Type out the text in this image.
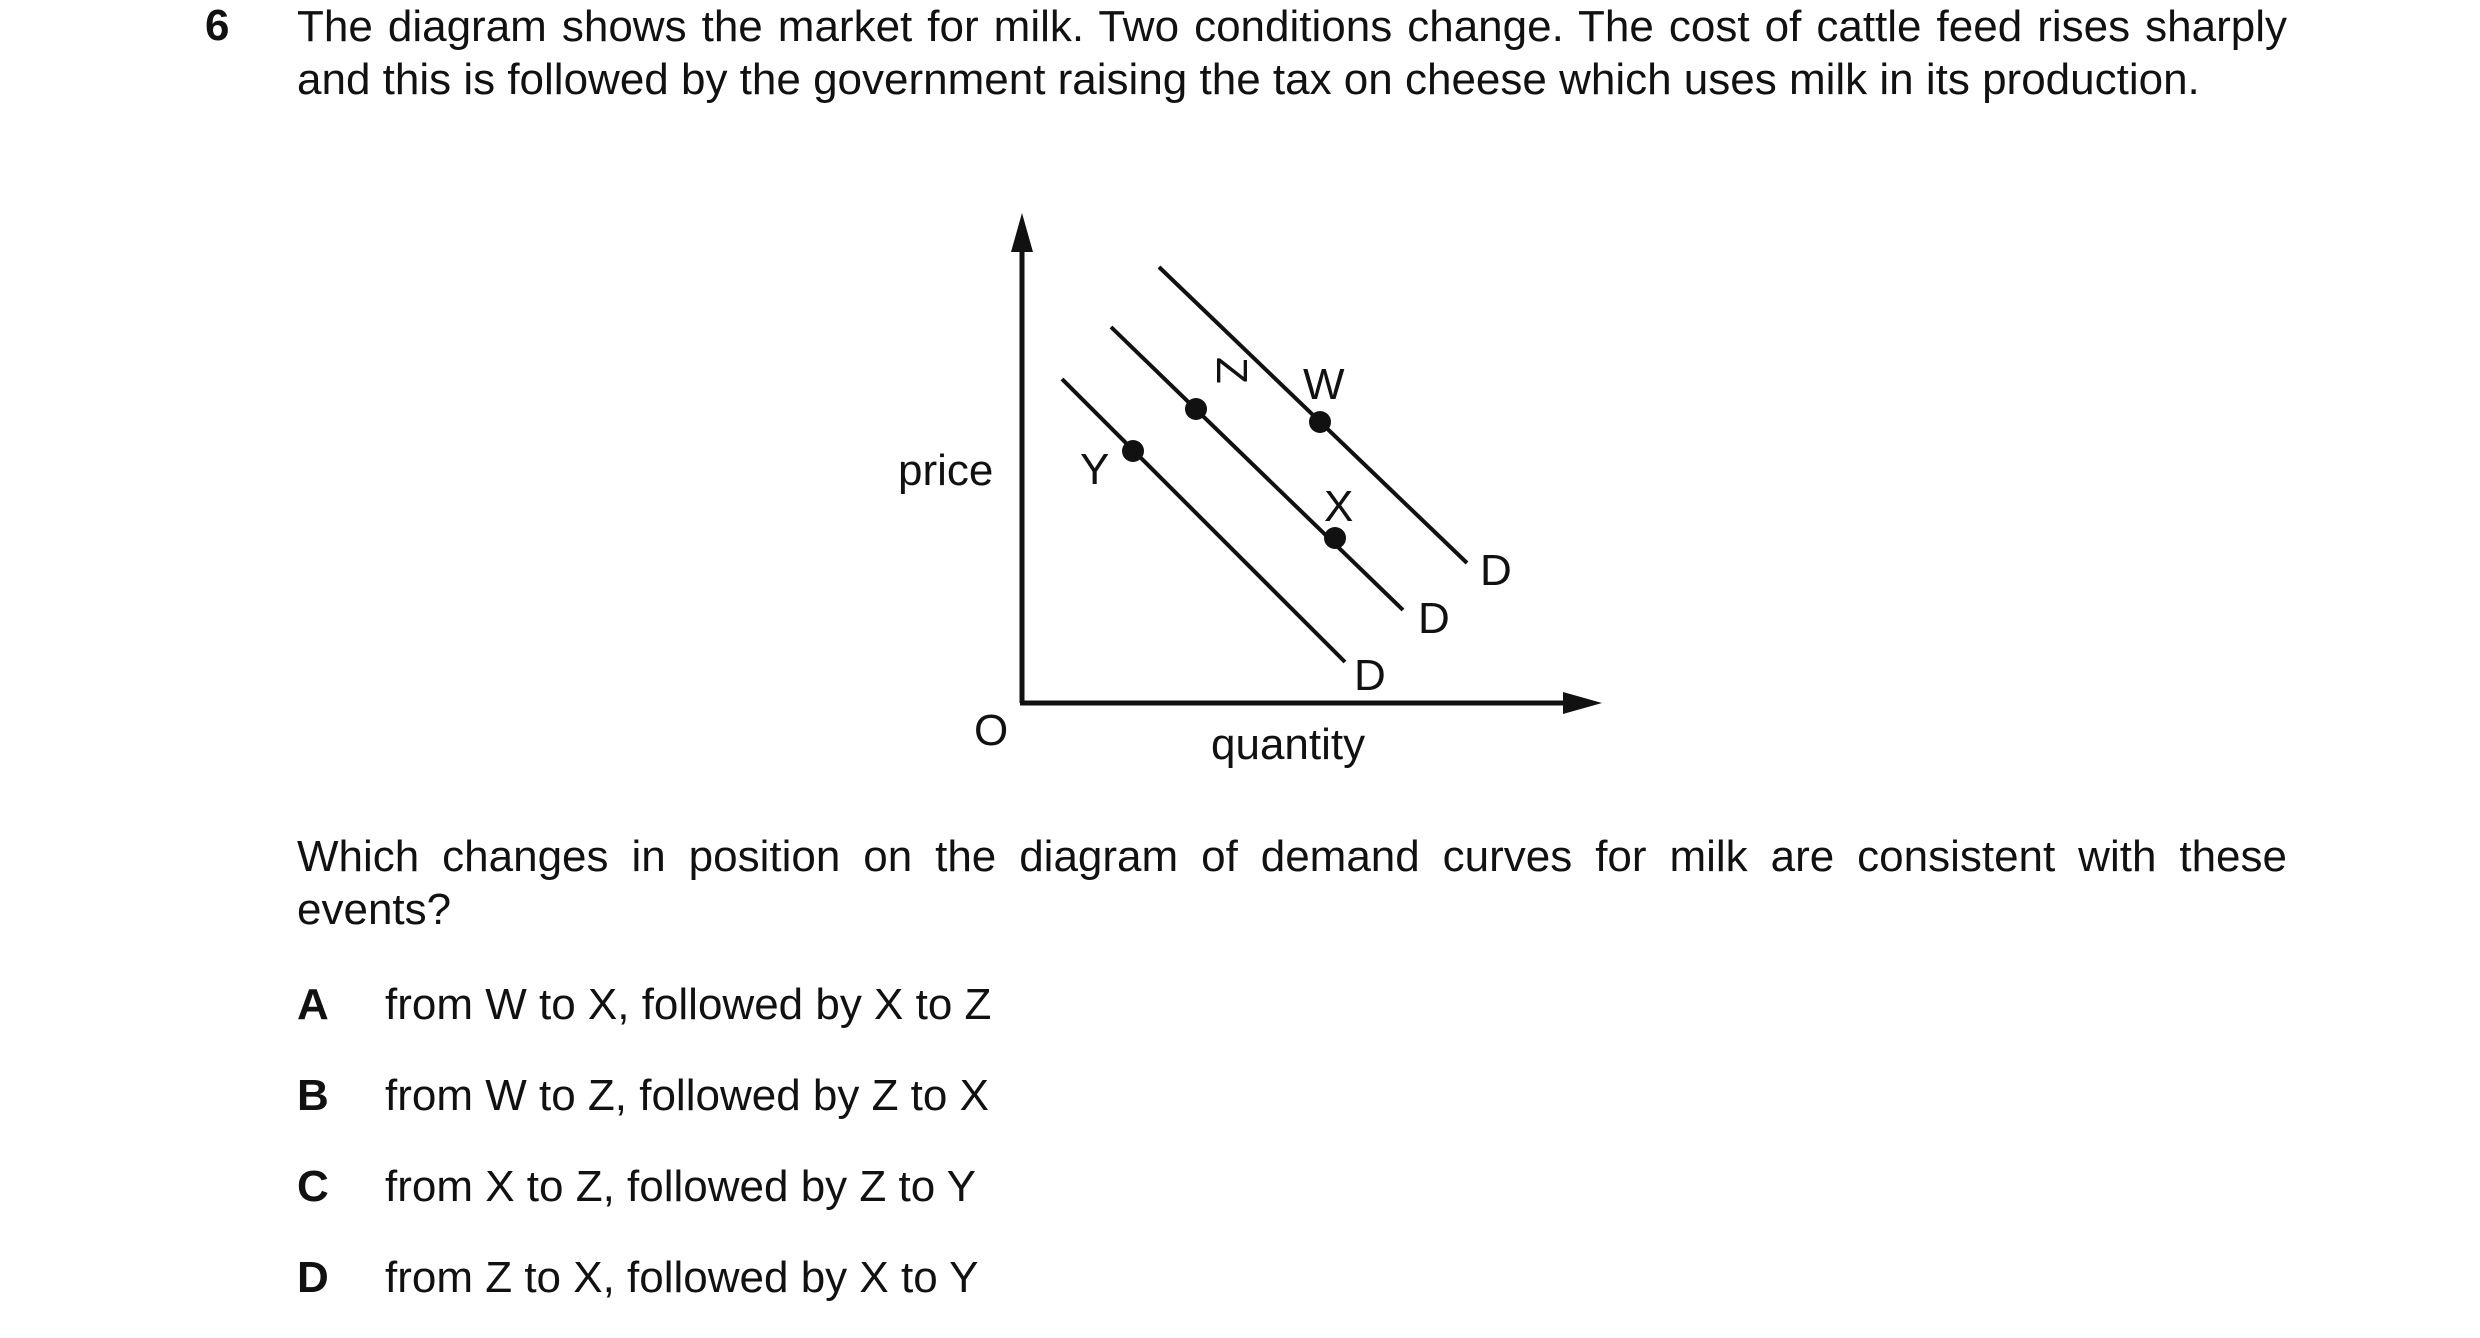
6 The diagram shows the market for milk. Two conditions change. The cost of cattle feed rises sharply and this is followed by the government raising the tax on cheese which uses milk in its production.

price
quantity
O
Y
Z W
X
D
D
D

Which changes in position on the diagram of demand curves for milk are consistent with these events?

A from W to X, followed by X to Z
B from W to Z, followed by Z to X
C from X to Z, followed by Z to Y
D from Z to X, followed by X to Y
